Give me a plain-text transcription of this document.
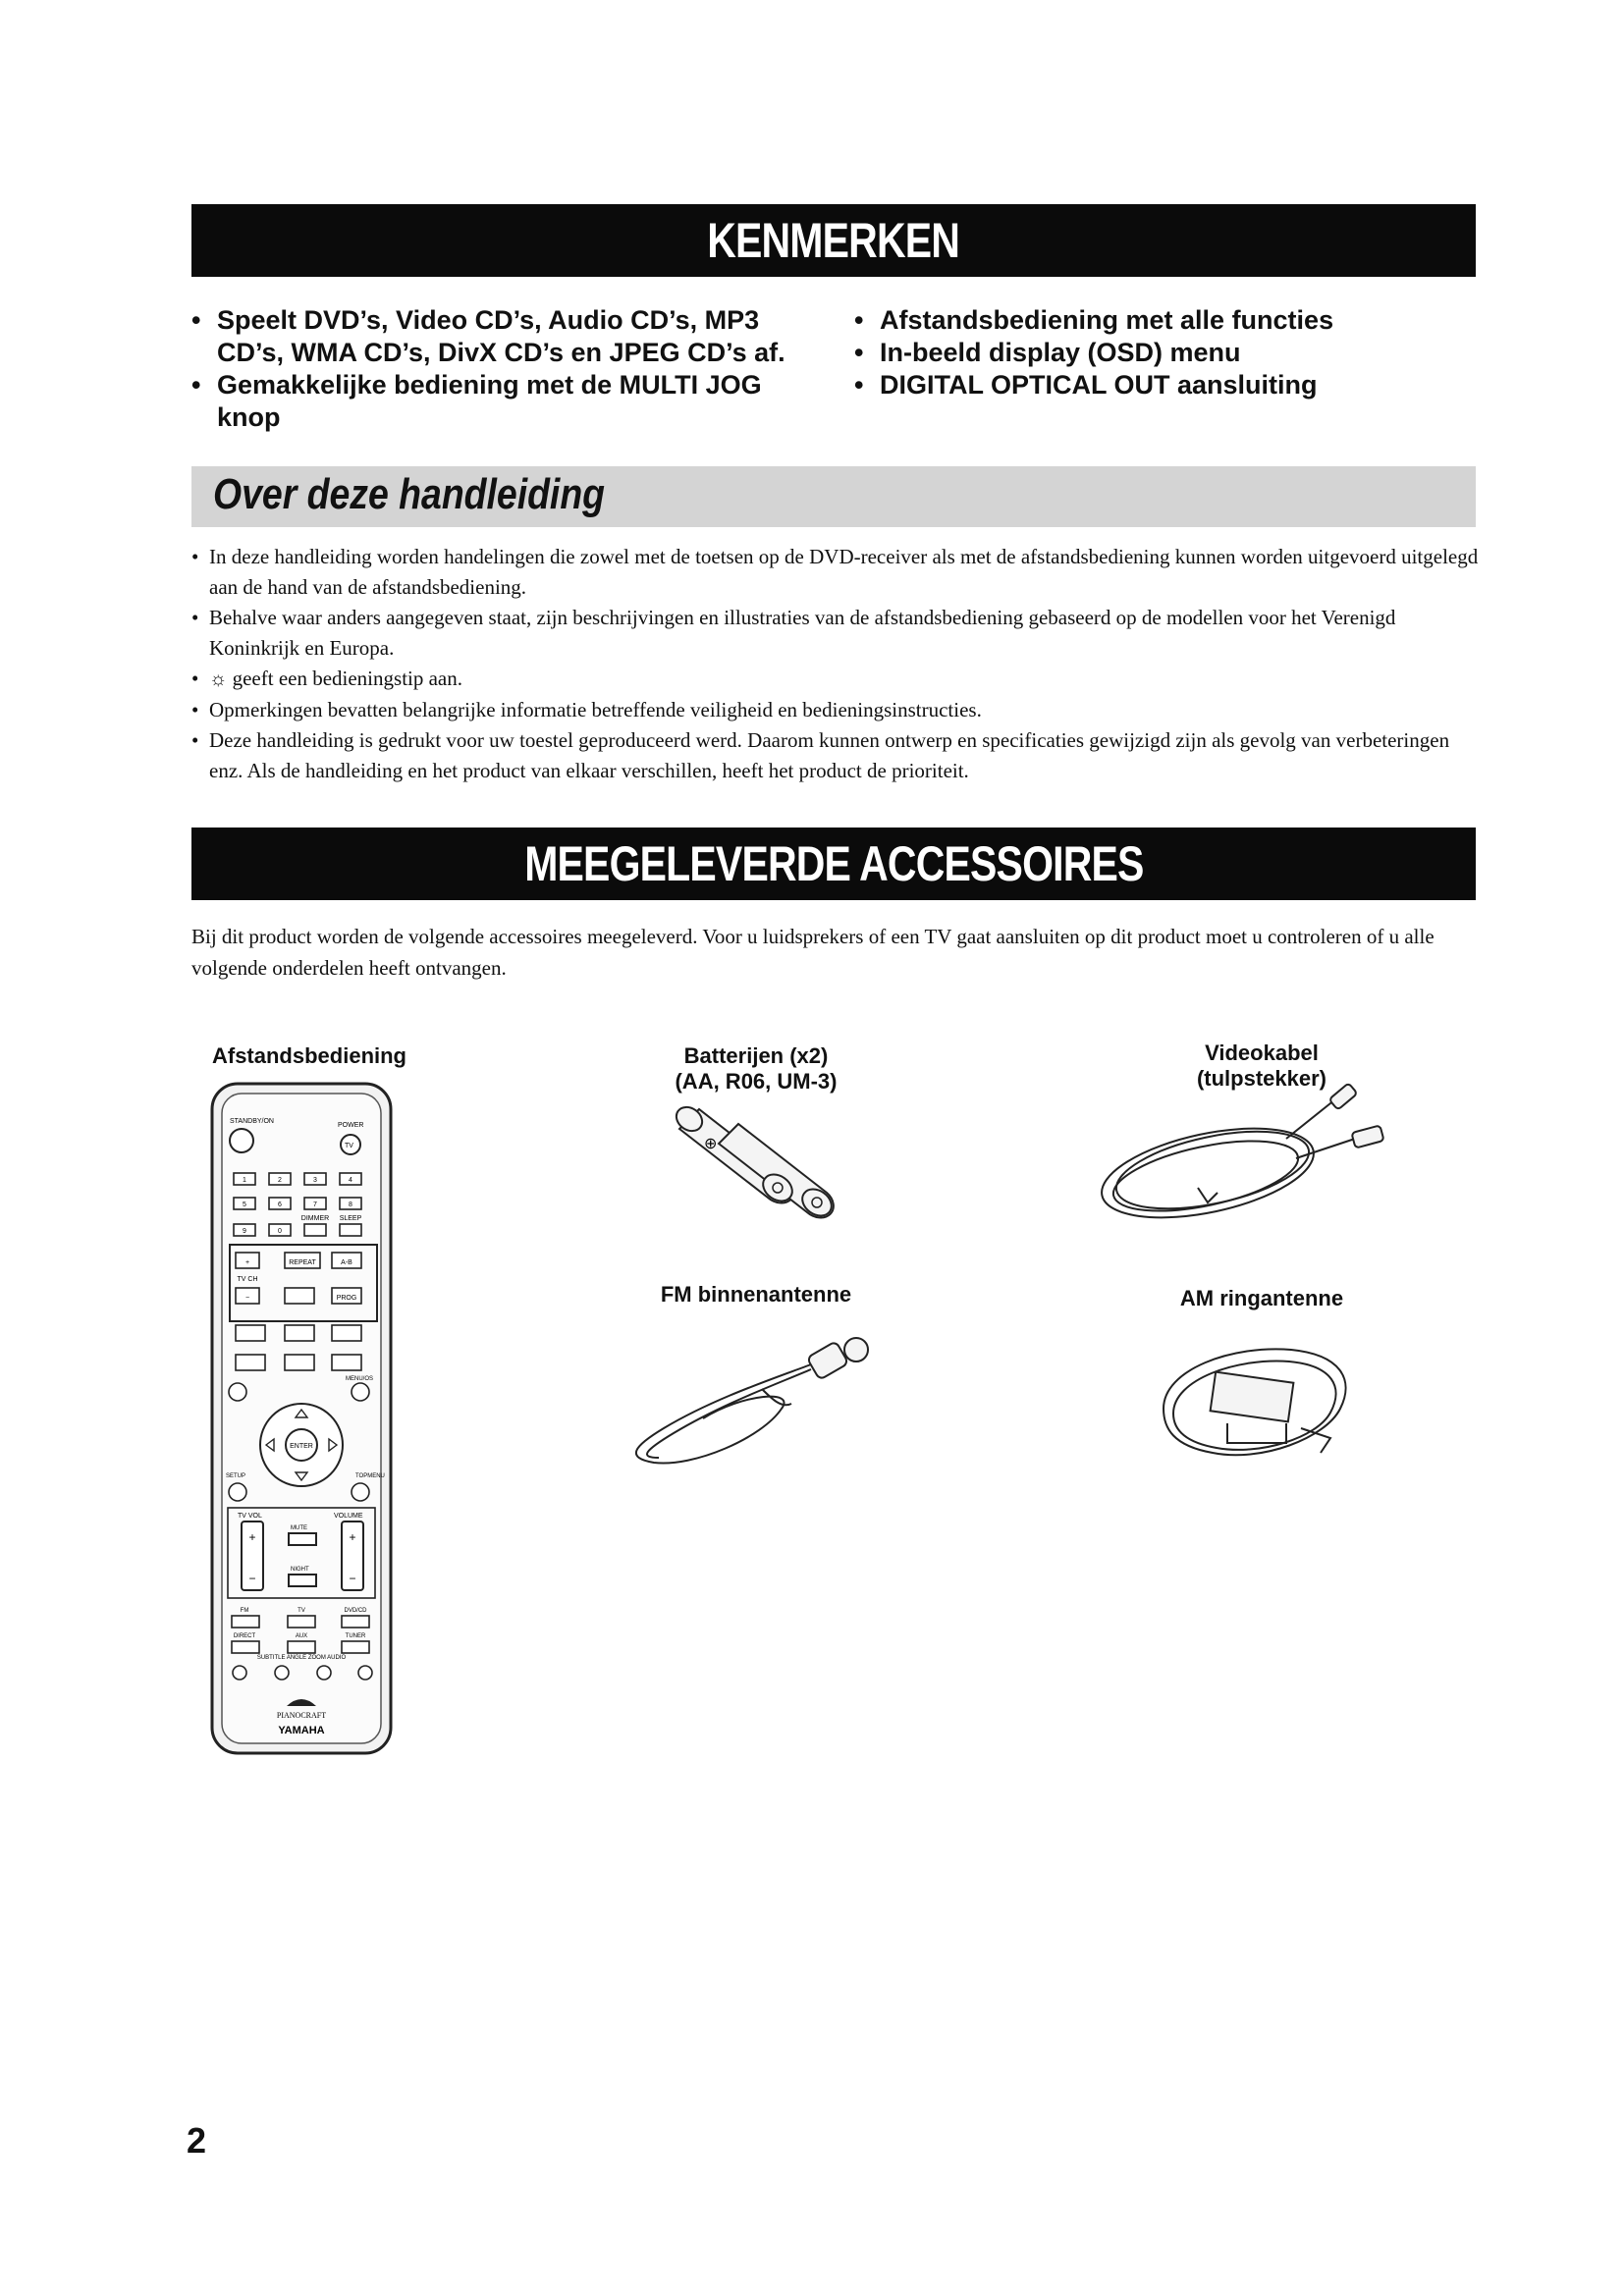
KENMERKEN
• Speelt DVD’s, Video CD’s, Audio CD’s, MP3 CD’s, WMA CD’s, DivX CD’s en JPEG CD’s af.
• Gemakkelijke bediening met de MULTI JOG knop
• Afstandsbediening met alle functies
• In-beeld display (OSD) menu
• DIGITAL OPTICAL OUT aansluiting
Over deze handleiding
• In deze handleiding worden handelingen die zowel met de toetsen op de DVD-receiver als met de afstandsbediening kunnen worden uitgevoerd uitgelegd aan de hand van de afstandsbediening.
• Behalve waar anders aangegeven staat, zijn beschrijvingen en illustraties van de afstandsbediening gebaseerd op de modellen voor het Verenigd Koninkrijk en Europa.
• ☼ geeft een bedieningstip aan.
• Opmerkingen bevatten belangrijke informatie betreffende veiligheid en bedieningsinstructies.
• Deze handleiding is gedrukt voor uw toestel geproduceerd werd. Daarom kunnen ontwerp en specificaties gewijzigd zijn als gevolg van verbeteringen enz. Als de handleiding en het product van elkaar verschillen, heeft het product de prioriteit.
MEEGELEVERDE ACCESSOIRES
Bij dit product worden de volgende accessoires meegeleverd. Voor u luidsprekers of een TV gaat aansluiten op dit product moet u controleren of u alle volgende onderdelen heeft ontvangen.
Afstandsbediening	Batterijen (x2)
(AA, R06, UM-3)
Videokabel
(tulpstekker)
FM binnenantenne	AM ringantenne
STANDBY/ON
POWER
TV
1	2	3	4
5	6	7	8
9	0
DIMMER SLEEP
+
−
REPEAT	A-B
TV CH
PROG
MENU/OS
ENTER
SETUP	TOPMENU
TV VOL	VOLUME
MUTE
NIGHT
+
−
+
−
FM	TV	DVD/CD
DIRECT	AUX	TUNER
SUBTITLE ANGLE ZOOM AUDIO
PIANOCRAFT
YAMAHA
⊕
2
